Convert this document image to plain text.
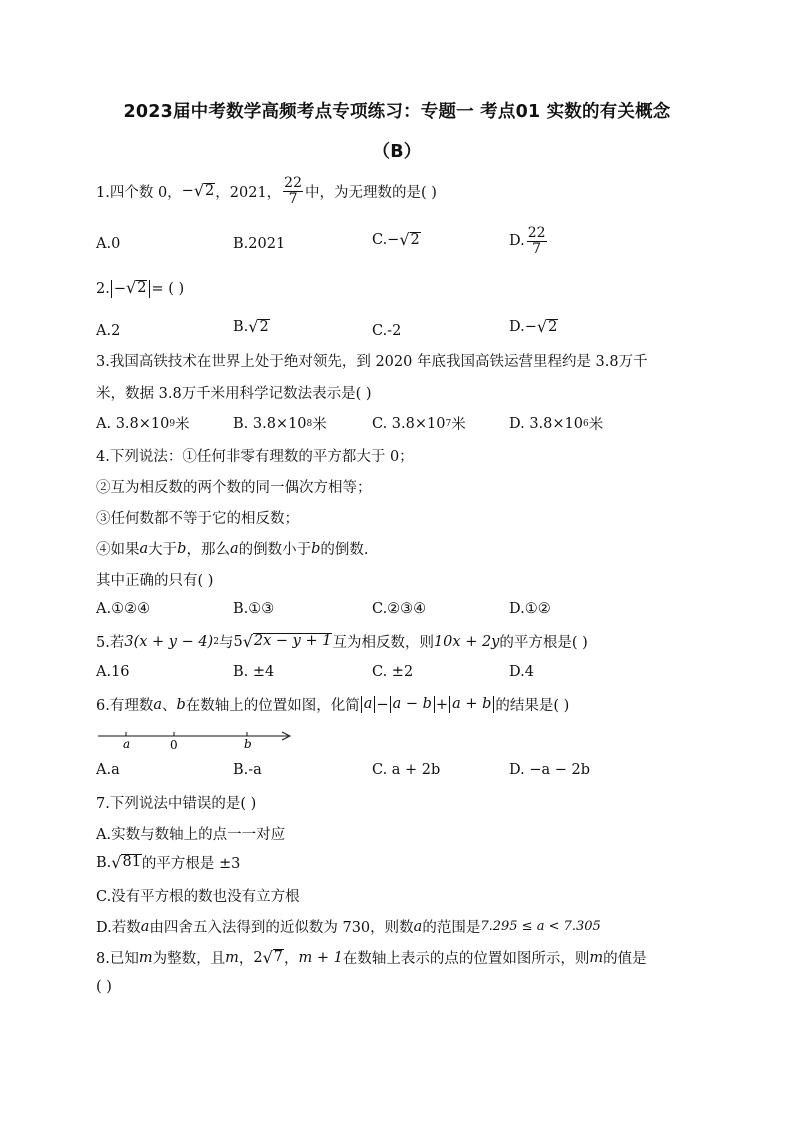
2023届中考数学高频考点专项练习：专题一 考点01 实数的有关概念
（B）
1.四个数 0， − √ 2 ，2021， $\frac{22}{7}$ 中，为无理数的是( )
A.0	B.2021	C.− √ 2	D. $\frac{22}{7}$
2. − √ 2 = ( )
A.2	B. √ 2	C.-2	D.− √ 2
3.我国高铁技术在世界上处于绝对领先，到 2020 年底我国高铁运营里程约是 3.8万千
米，数据 3.8万千米用科学记数法表示是( )
A. 3.8×10 9 米	B. 3.8×10 8 米	C. 3.8×10 7 米	D. 3.8×10 6 米
4.下列说法：①任何非零有理数的平方都大于 0；
②互为相反数的两个数的同一偶次方相等；
③任何数都不等于它的相反数；
④如果 a 大于 b ，那么 a 的倒数小于 b 的倒数.
其中正确的只有( )
A.①②④	B.①③	C.②③④	D.①②
5.若 3(x + y − 4) 2 与 5 √ 2x − y + 1 互为相反数，则 10x + 2y 的平方根是( )
A.16	B. ±4	C. ±2	D.4
6.有理数 a 、 b 在数轴上的位置如图，化简 a − a − b + a + b 的结果是( )
a	0	b
A.a	B.-a	C. a + 2b	D. −a − 2b
7.下列说法中错误的是( )
A.实数与数轴上的点一一对应
B. √ 81 的平方根是 ±3
C.没有平方根的数也没有立方根
D.若数 a 由四舍五入法得到的近似数为 730，则数 a 的范围是 7.295 ≤ a < 7.305
8.已知 m 为整数，且 m ， 2 √ 7 ， m + 1 在数轴上表示的点的位置如图所示，则 m 的值是
( )
